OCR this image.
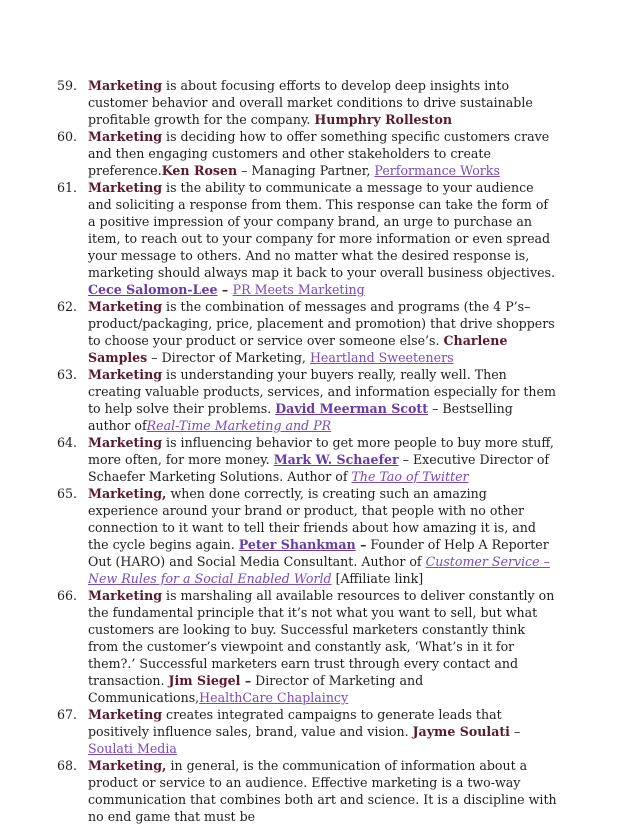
59. Marketing is about focusing efforts to develop deep insights into customer behavior and overall market conditions to drive sustainable profitable growth for the company. Humphry Rolleston

60. Marketing is deciding how to offer something specific customers crave and then engaging customers and other stakeholders to create preference.Ken Rosen – Managing Partner, Performance Works

61. Marketing is the ability to communicate a message to your audience and soliciting a response from them. This response can take the form of a positive impression of your company brand, an urge to purchase an item, to reach out to your company for more information or even spread your message to others. And no matter what the desired response is, marketing should always map it back to your overall business objectives. Cece Salomon-Lee – PR Meets Marketing

62. Marketing is the combination of messages and programs (the 4 P’s– product/packaging, price, placement and promotion) that drive shoppers to choose your product or service over someone else’s. Charlene Samples – Director of Marketing, Heartland Sweeteners

63. Marketing is understanding your buyers really, really well. Then creating valuable products, services, and information especially for them to help solve their problems. David Meerman Scott – Bestselling author ofReal-Time Marketing and PR

64. Marketing is influencing behavior to get more people to buy more stuff, more often, for more money. Mark W. Schaefer – Executive Director of Schaefer Marketing Solutions. Author of The Tao of Twitter

65. Marketing, when done correctly, is creating such an amazing experience around your brand or product, that people with no other connection to it want to tell their friends about how amazing it is, and the cycle begins again. Peter Shankman – Founder of Help A Reporter Out (HARO) and Social Media Consultant. Author of Customer Service – New Rules for a Social Enabled World [Affiliate link]

66. Marketing is marshaling all available resources to deliver constantly on the fundamental principle that it’s not what you want to sell, but what customers are looking to buy. Successful marketers constantly think from the customer’s viewpoint and constantly ask, ‘What’s in it for them?.’ Successful marketers earn trust through every contact and transaction. Jim Siegel – Director of Marketing and Communications,HealthCare Chaplaincy

67. Marketing creates integrated campaigns to generate leads that positively influence sales, brand, value and vision. Jayme Soulati – Soulati Media

68. Marketing, in general, is the communication of information about a product or service to an audience. Effective marketing is a two-way communication that combines both art and science. It is a discipline with no end game that must be
